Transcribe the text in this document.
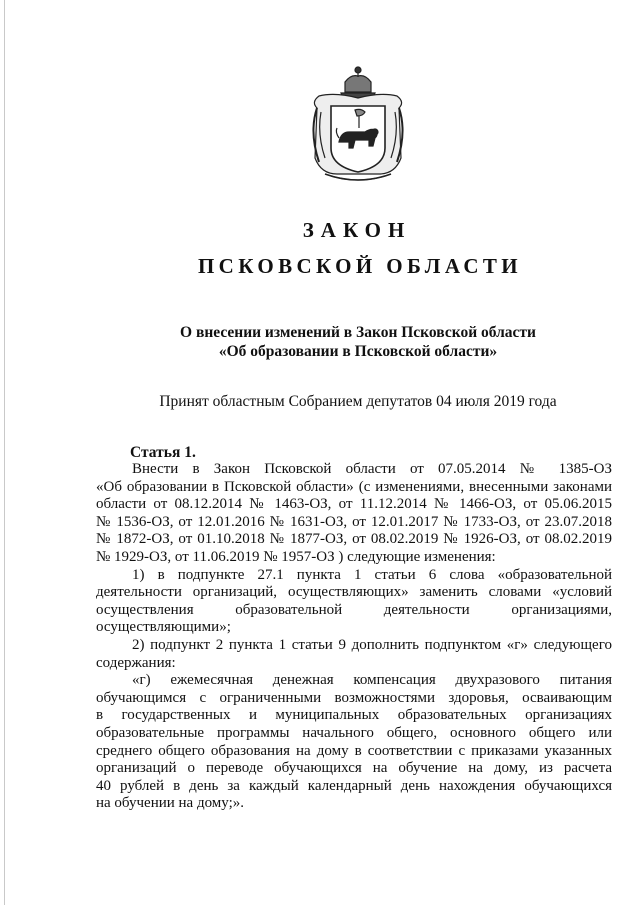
ЗАКОН
ПСКОВСКОЙ ОБЛАСТИ
О внесении изменений в Закон Псковской области
«Об образовании в Псковской области»
Принят областным Собранием депутатов 04 июля 2019 года
Статья 1.

Внести в Закон Псковской области от 07.05.2014 № 1385-ОЗ

«Об образовании в Псковской области» (с изменениями, внесенными законами

области от 08.12.2014 № 1463-ОЗ, от 11.12.2014 № 1466-ОЗ, от 05.06.2015

№ 1536-ОЗ, от 12.01.2016 № 1631-ОЗ, от 12.01.2017 № 1733-ОЗ, от 23.07.2018

№ 1872-ОЗ, от 01.10.2018 № 1877-ОЗ, от 08.02.2019 № 1926-ОЗ, от 08.02.2019

№ 1929-ОЗ, от 11.06.2019 № 1957-ОЗ ) следующие изменения:

1) в подпункте 27.1 пункта 1 статьи 6 слова «образовательной

деятельности организаций, осуществляющих» заменить словами «условий

осуществления образовательной деятельности организациями,

осуществляющими»;

2) подпункт 2 пункта 1 статьи 9 дополнить подпунктом «г» следующего

содержания:

«г) ежемесячная денежная компенсация двухразового питания

обучающимся с ограниченными возможностями здоровья, осваивающим

в государственных и муниципальных образовательных организациях

образовательные программы начального общего, основного общего или

среднего общего образования на дому в соответствии с приказами указанных

организаций о переводе обучающихся на обучение на дому, из расчета

40 рублей в день за каждый календарный день нахождения обучающихся

на обучении на дому;».
